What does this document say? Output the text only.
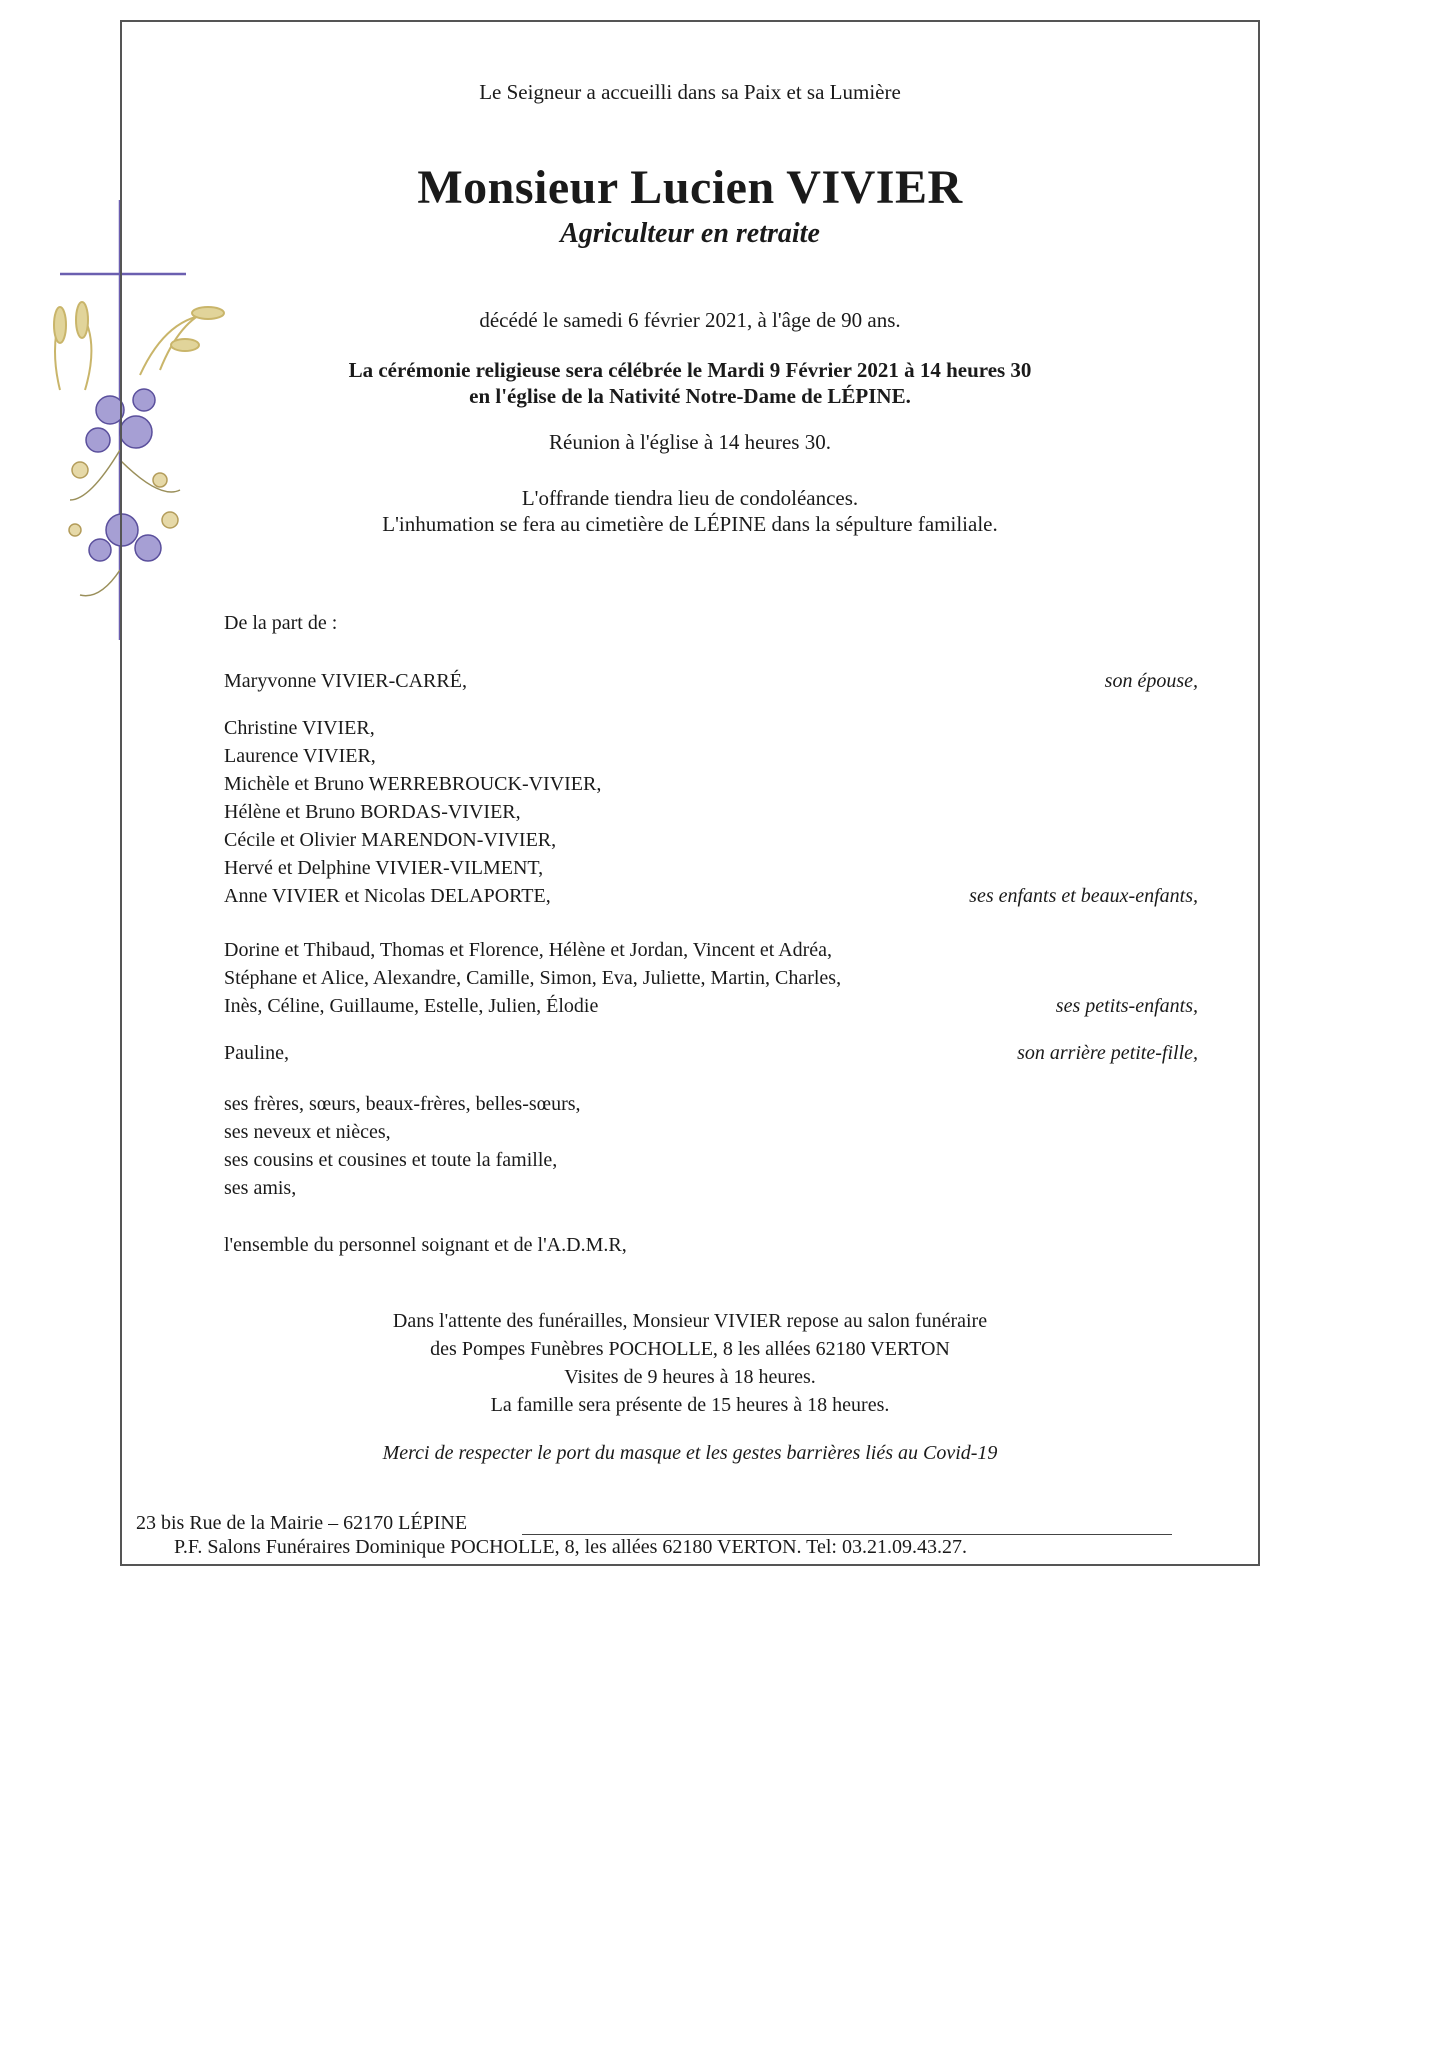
Le Seigneur a accueilli dans sa Paix et sa Lumière
Monsieur Lucien VIVIER
Agriculteur en retraite
décédé le samedi 6 février 2021, à l'âge de 90 ans.
La cérémonie religieuse sera célébrée le Mardi 9 Février 2021 à 14 heures 30
en l'église de la Nativité Notre-Dame de LÉPINE.
Réunion à l'église à 14 heures 30.
L'offrande tiendra lieu de condoléances.
L'inhumation se fera au cimetière de LÉPINE dans la sépulture familiale.
De la part de :
Maryvonne VIVIER-CARRÉ,	son épouse,
Christine VIVIER,
Laurence VIVIER,
Michèle et Bruno WERREBROUCK-VIVIER,
Hélène et Bruno BORDAS-VIVIER,
Cécile et Olivier MARENDON-VIVIER,
Hervé et Delphine VIVIER-VILMENT,
Anne VIVIER et Nicolas DELAPORTE,	ses enfants et beaux-enfants,
Dorine et Thibaud, Thomas et Florence, Hélène et Jordan, Vincent et Adréa,
Stéphane et Alice, Alexandre, Camille, Simon, Eva, Juliette, Martin, Charles,
Inès, Céline, Guillaume, Estelle, Julien, Élodie	ses petits-enfants,
Pauline,	son arrière petite-fille,
ses frères, sœurs, beaux-frères, belles-sœurs,
ses neveux et nièces,
ses cousins et cousines et toute la famille,
ses amis,
l'ensemble du personnel soignant et de l'A.D.M.R,
Dans l'attente des funérailles, Monsieur VIVIER repose au salon funéraire
des Pompes Funèbres POCHOLLE, 8 les allées 62180 VERTON
Visites de 9 heures à 18 heures.
La famille sera présente de 15 heures à 18 heures.
Merci de respecter le port du masque et les gestes barrières liés au Covid-19
23 bis Rue de la Mairie – 62170 LÉPINE
P.F. Salons Funéraires Dominique POCHOLLE, 8, les allées 62180 VERTON. Tel: 03.21.09.43.27.
